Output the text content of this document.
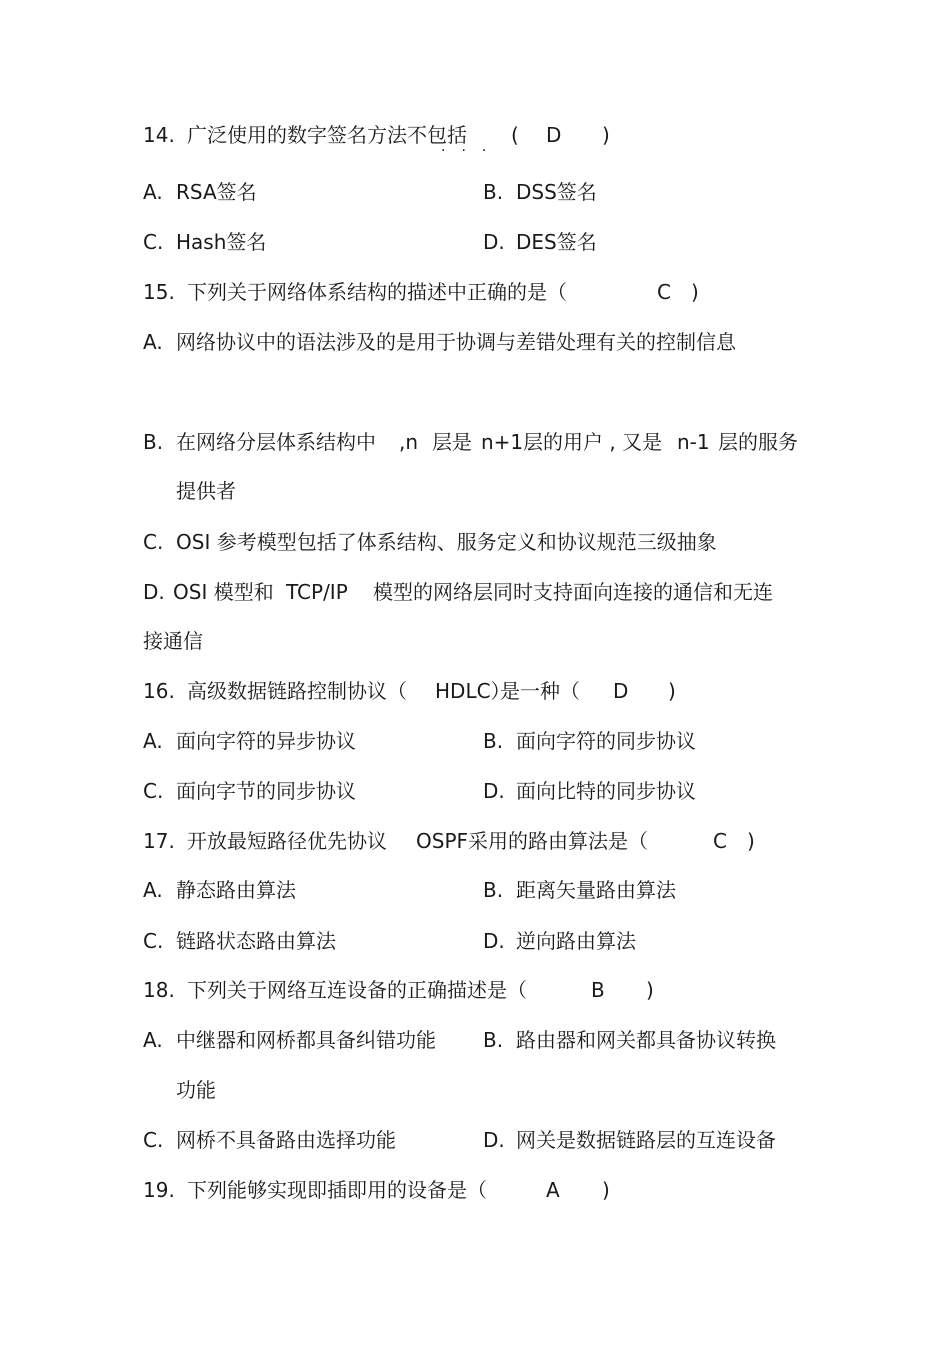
14. 广泛使用的数字签名方法不包括
... ( D )
A. RSA签名	B. DSS签名
C. Hash签名	D. DES签名
15. 下列关于网络体系结构的描述中正确的是（	C )
A. 网络协议中的语法涉及的是用于协调与差错处理有关的控制信息
B. 在网络分层体系结构中 ,n 层是 n+1 层的用户 , 又是 n-1 层的服务
提供者
C. OSI 参考模型包括了体系结构、服务定义和协议规范三级抽象
D. OSI 模型和 TCP/IP 模型的网络层同时支持面向连接的通信和无连
接通信
16. 高级数据链路控制协议（ HDLC）
是一种（ D )
A. 面向字符的异步协议	B. 面向字符的同步协议
C. 面向字节的同步协议	D. 面向比特的同步协议
17. 开放最短路径优先协议 OSPF 采用的路由算法是（	C )
A. 静态路由算法	B. 距离矢量路由算法
C. 链路状态路由算法	D. 逆向路由算法
18. 下列关于网络互连设备的正确描述是（	B )
A. 中继器和网桥都具备纠错功能 B. 路由器和网关都具备协议转换
功能
C. 网桥不具备路由选择功能	D. 网关是数据链路层的互连设备
19. 下列能够实现即插即用的设备是（	A )
